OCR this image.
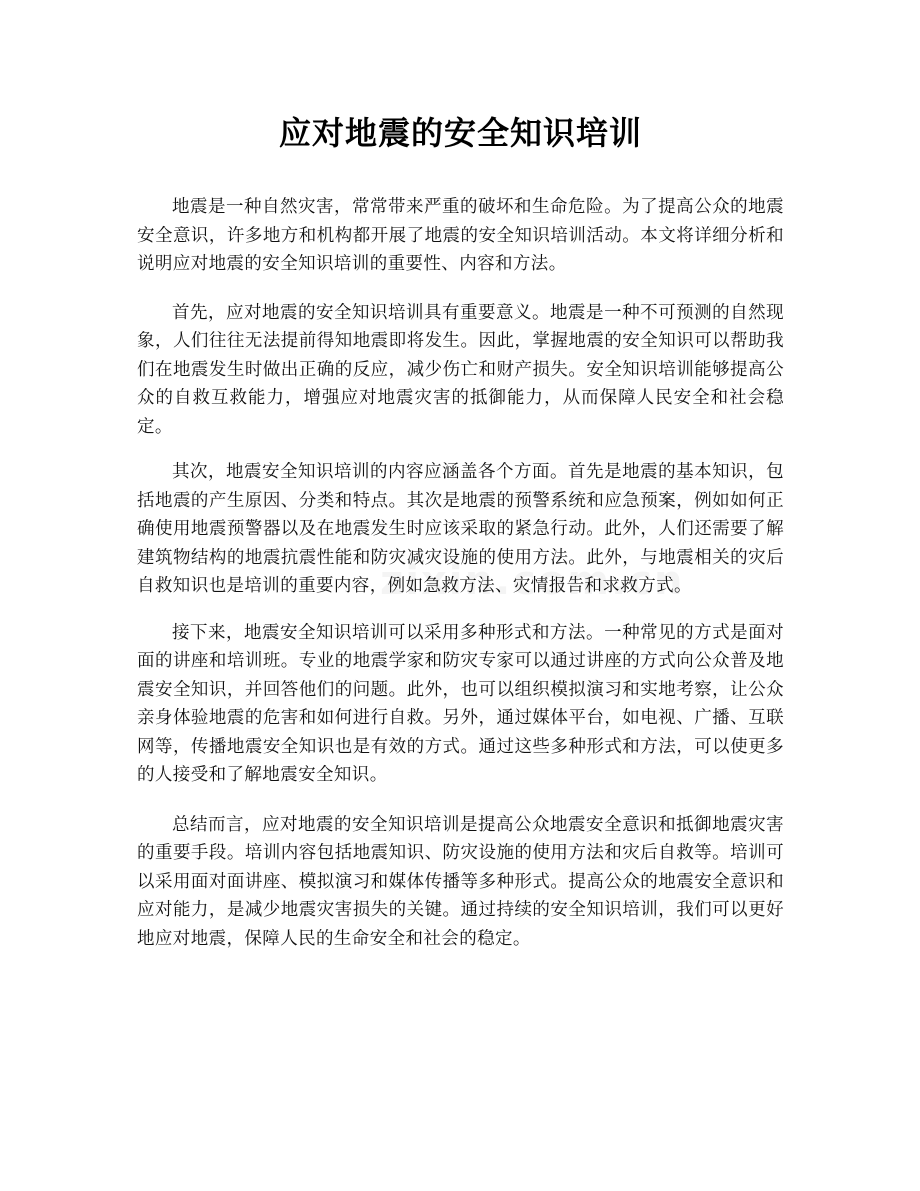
应对地震的安全知识培训

地震是一种自然灾害，常常带来严重的破坏和生命危险。为了提高公众的地震安全意识，许多地方和机构都开展了地震的安全知识培训活动。本文将详细分析和说明应对地震的安全知识培训的重要性、内容和方法。

首先，应对地震的安全知识培训具有重要意义。地震是一种不可预测的自然现象，人们往往无法提前得知地震即将发生。因此，掌握地震的安全知识可以帮助我们在地震发生时做出正确的反应，减少伤亡和财产损失。安全知识培训能够提高公众的自救互救能力，增强应对地震灾害的抵御能力，从而保障人民安全和社会稳定。

其次，地震安全知识培训的内容应涵盖各个方面。首先是地震的基本知识，包括地震的产生原因、分类和特点。其次是地震的预警系统和应急预案，例如如何正确使用地震预警器以及在地震发生时应该采取的紧急行动。此外，人们还需要了解建筑物结构的地震抗震性能和防灾减灾设施的使用方法。此外，与地震相关的灾后自救知识也是培训的重要内容，例如急救方法、灾情报告和求救方式。

接下来，地震安全知识培训可以采用多种形式和方法。一种常见的方式是面对面的讲座和培训班。专业的地震学家和防灾专家可以通过讲座的方式向公众普及地震安全知识，并回答他们的问题。此外，也可以组织模拟演习和实地考察，让公众亲身体验地震的危害和如何进行自救。另外，通过媒体平台，如电视、广播、互联网等，传播地震安全知识也是有效的方式。通过这些多种形式和方法，可以使更多的人接受和了解地震安全知识。

总结而言，应对地震的安全知识培训是提高公众地震安全意识和抵御地震灾害的重要手段。培训内容包括地震知识、防灾设施的使用方法和灾后自救等。培训可以采用面对面讲座、模拟演习和媒体传播等多种形式。提高公众的地震安全意识和应对能力，是减少地震灾害损失的关键。通过持续的安全知识培训，我们可以更好地应对地震，保障人民的生命安全和社会的稳定。
